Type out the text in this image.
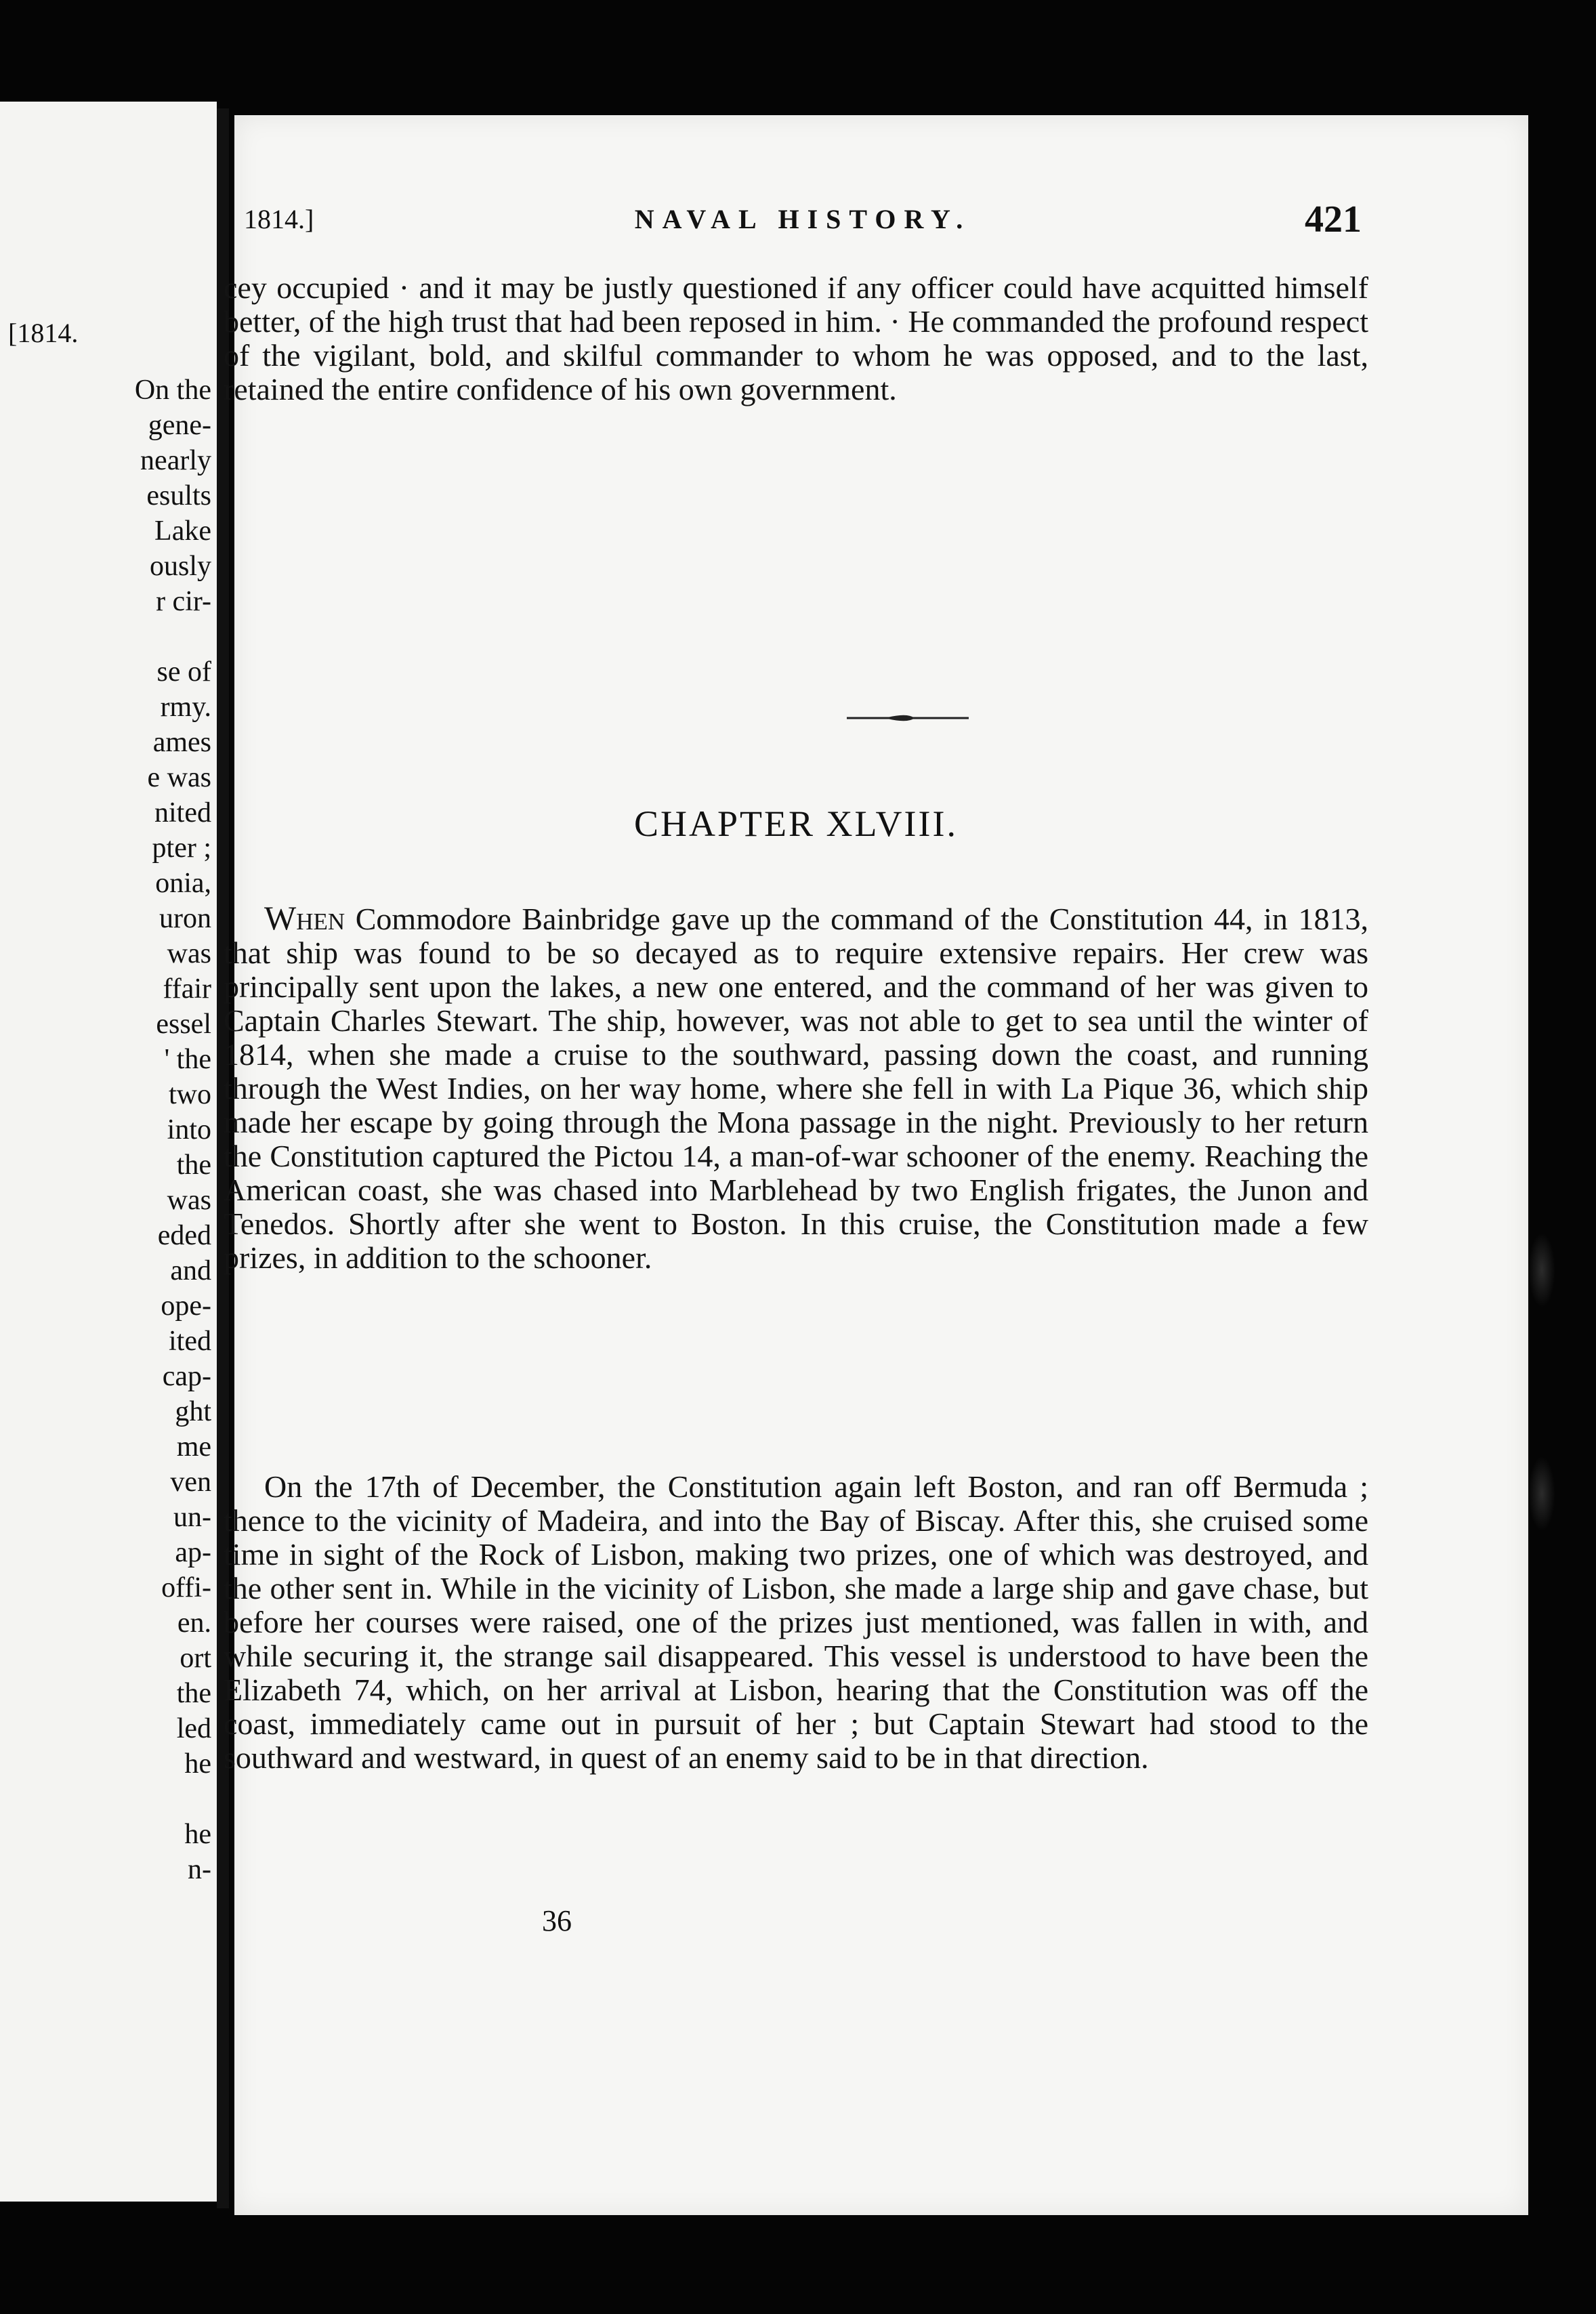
[1814.
On the
gene-
nearly
esults
Lake
ously
r cir-
se of
rmy.
ames
e was
nited
pter ;
onia,
uron
was
ffair
essel
' the
two
into
the
was
eded
and
ope-
ited
cap-
ght
me
ven
un-
ap-
offi-
en.
ort
the
led
he
he
n-
1814.]	NAVAL HISTORY.	421

cey occupied · and it may be justly questioned if any officer could have acquitted himself better, of the high trust that had been reposed in him. · He commanded the profound respect of the vigilant, bold, and skilful commander to whom he was opposed, and to the last, retained the entire confidence of his own government.

CHAPTER XLVIII.

When Commodore Bainbridge gave up the command of the Constitution 44, in 1813, that ship was found to be so decayed as to require extensive repairs. Her crew was principally sent upon the lakes, a new one entered, and the command of her was given to Captain Charles Stewart. The ship, however, was not able to get to sea until the winter of 1814, when she made a cruise to the southward, passing down the coast, and running through the West Indies, on her way home, where she fell in with La Pique 36, which ship made her escape by going through the Mona passage in the night. Previously to her return the Constitution captured the Pictou 14, a man-of-war schooner of the enemy. Reaching the American coast, she was chased into Marblehead by two English frigates, the Junon and Tenedos. Shortly after she went to Boston. In this cruise, the Constitution made a few prizes, in addition to the schooner.

On the 17th of December, the Constitution again left Boston, and ran off Bermuda ; thence to the vicinity of Madeira, and into the Bay of Biscay. After this, she cruised some time in sight of the Rock of Lisbon, making two prizes, one of which was destroyed, and the other sent in. While in the vicinity of Lisbon, she made a large ship and gave chase, but before her courses were raised, one of the prizes just mentioned, was fallen in with, and while securing it, the strange sail disappeared. This vessel is understood to have been the Elizabeth 74, which, on her arrival at Lisbon, hearing that the Constitution was off the coast, immediately came out in pursuit of her ; but Captain Stewart had stood to the southward and westward, in quest of an enemy said to be in that direction.

36
